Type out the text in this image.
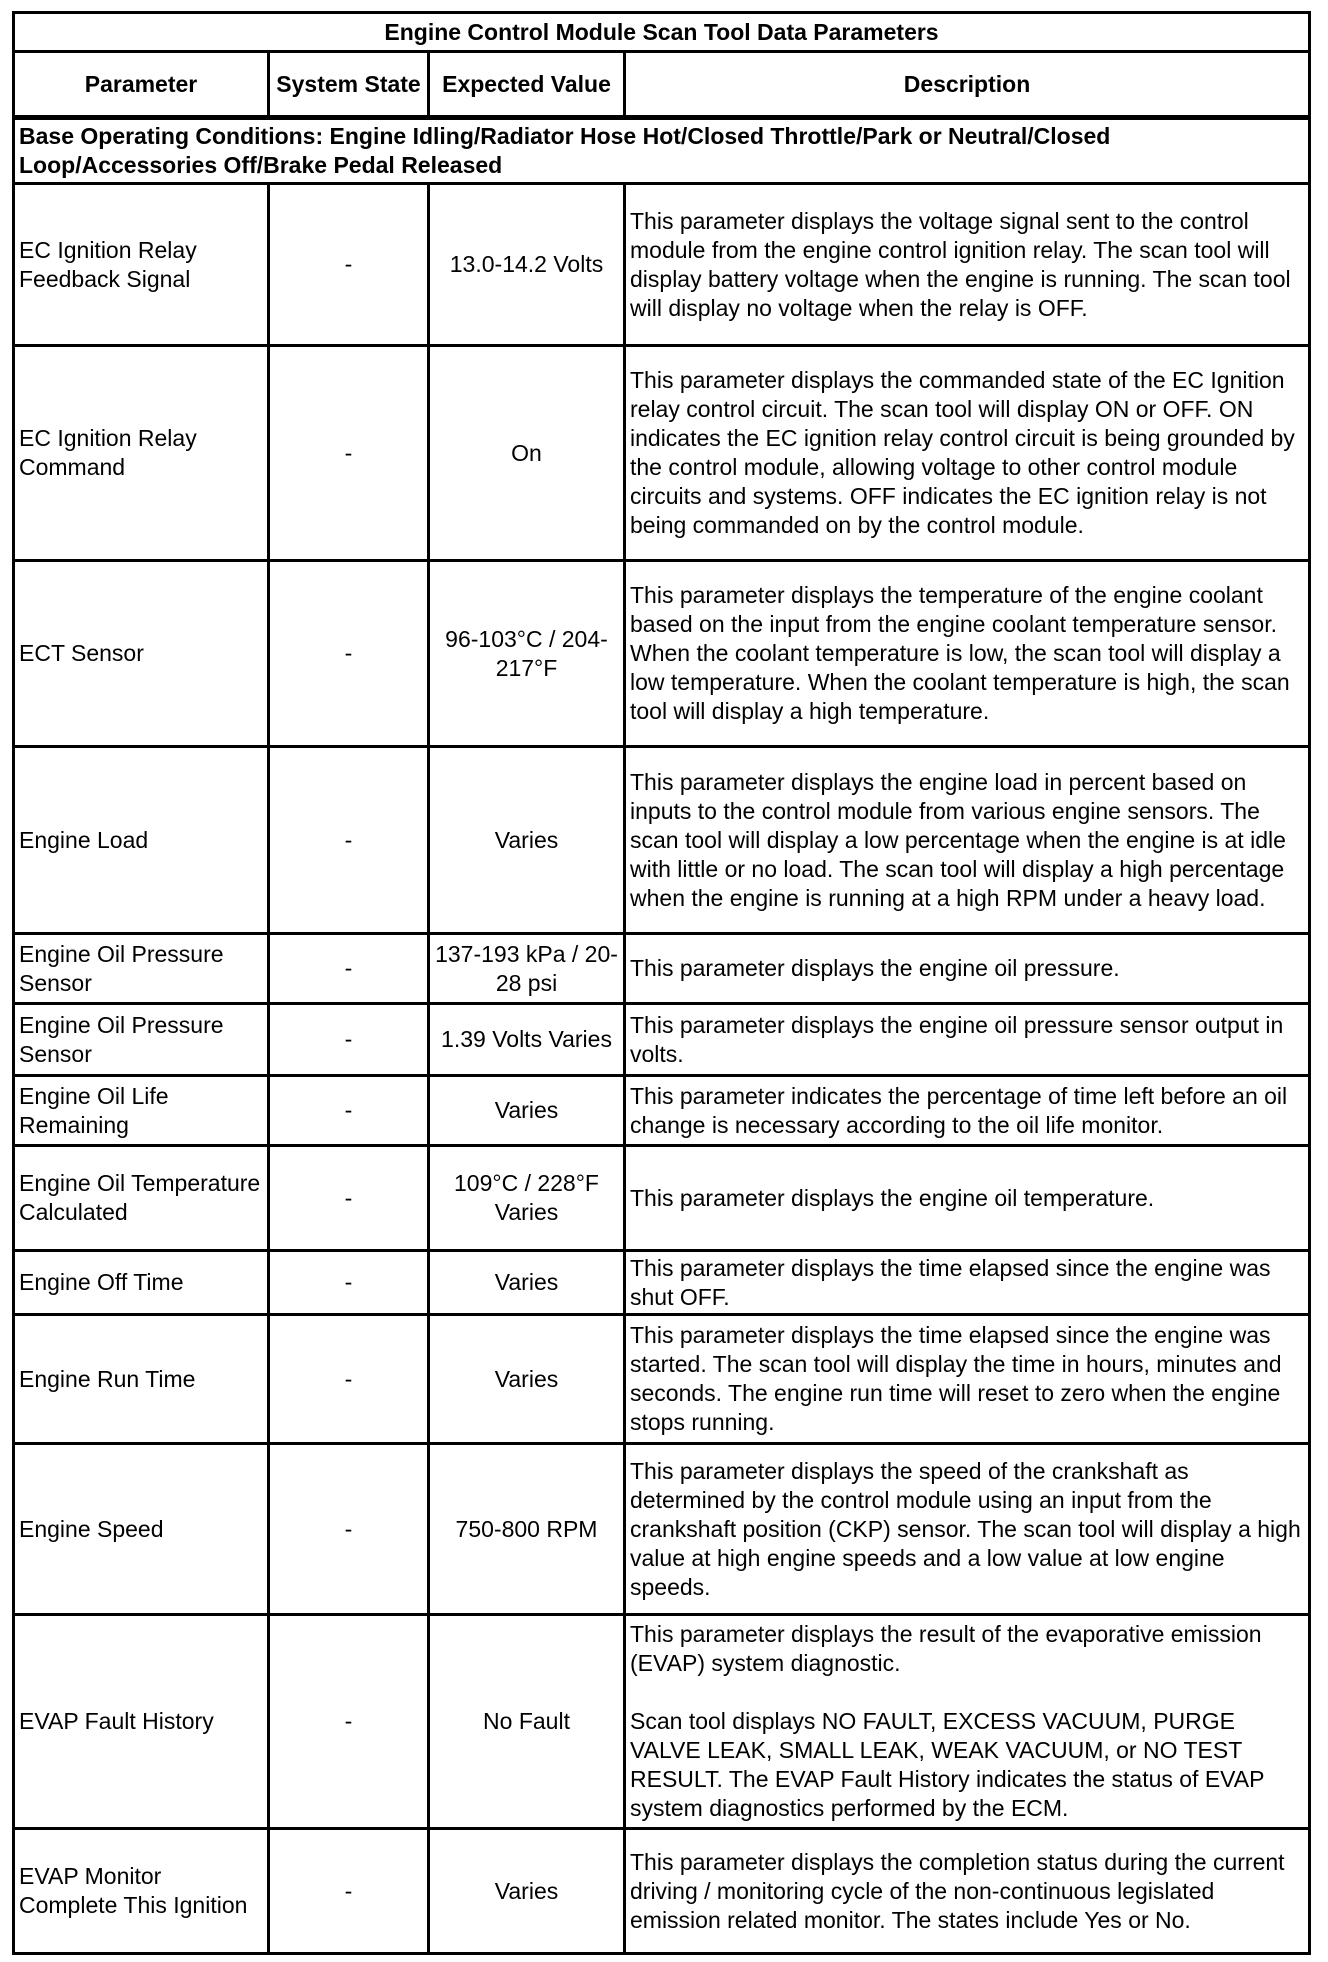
Engine Control Module Scan Tool Data Parameters			
Parameter	System State	Expected Value	Description
Base Operating Conditions: Engine Idling/Radiator Hose Hot/Closed Throttle/Park or Neutral/Closed Loop/Accessories Off/Brake Pedal Released			
EC Ignition Relay Feedback Signal	-	13.0-14.2 Volts	This parameter displays the voltage signal sent to the control module from the engine control ignition relay. The scan tool will display battery voltage when the engine is running. The scan tool will display no voltage when the relay is OFF.

EC Ignition Relay Command	-	On	This parameter displays the commanded state of the EC Ignition relay control circuit. The scan tool will display ON or OFF. ON indicates the EC ignition relay control circuit is being grounded by the control module, allowing voltage to other control module circuits and systems. OFF indicates the EC ignition relay is not being commanded on by the control module.

ECT Sensor	-	96-103°C / 204-217°F	This parameter displays the temperature of the engine coolant based on the input from the engine coolant temperature sensor. When the coolant temperature is low, the scan tool will display a low temperature. When the coolant temperature is high, the scan tool will display a high temperature.

Engine Load	-	Varies	This parameter displays the engine load in percent based on inputs to the control module from various engine sensors. The scan tool will display a low percentage when the engine is at idle with little or no load. The scan tool will display a high percentage when the engine is running at a high RPM under a heavy load.

Engine Oil Pressure Sensor	-	137-193 kPa / 20-28 psi	This parameter displays the engine oil pressure.

Engine Oil Pressure Sensor	-	1.39 Volts Varies	This parameter displays the engine oil pressure sensor output in volts.

Engine Oil Life Remaining	-	Varies	This parameter indicates the percentage of time left before an oil change is necessary according to the oil life monitor.

Engine Oil Temperature Calculated	-	109°C / 228°F Varies	This parameter displays the engine oil temperature.

Engine Off Time	-	Varies	This parameter displays the time elapsed since the engine was shut OFF.

Engine Run Time	-	Varies	This parameter displays the time elapsed since the engine was started. The scan tool will display the time in hours, minutes and seconds. The engine run time will reset to zero when the engine stops running.

Engine Speed	-	750-800 RPM	This parameter displays the speed of the crankshaft as determined by the control module using an input from the crankshaft position (CKP) sensor. The scan tool will display a high value at high engine speeds and a low value at low engine speeds.

EVAP Fault History	-	No Fault	This parameter displays the result of the evaporative emission (EVAP) system diagnostic.

Scan tool displays NO FAULT, EXCESS VACUUM, PURGE VALVE LEAK, SMALL LEAK, WEAK VACUUM, or NO TEST RESULT. The EVAP Fault History indicates the status of EVAP system diagnostics performed by the ECM.

EVAP Monitor Complete This Ignition	-	Varies	This parameter displays the completion status during the current driving / monitoring cycle of the non-continuous legislated emission related monitor. The states include Yes or No.
